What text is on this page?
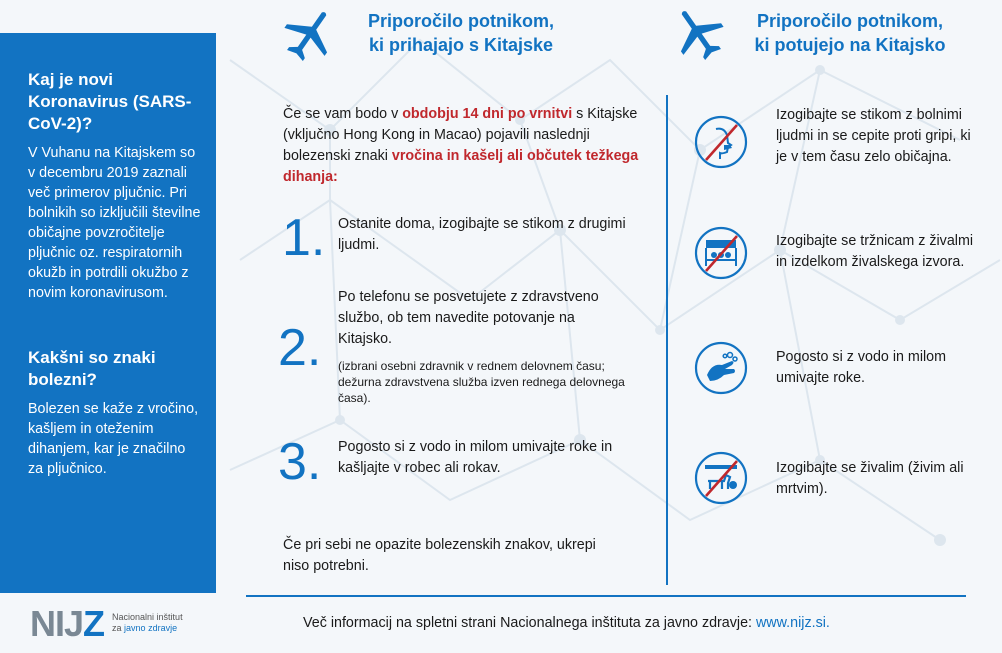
Kaj je novi Koronavirus (SARS-CoV-2)?
V Vuhanu na Kitajskem so v decembru 2019 zaznali več primerov pljučnic. Pri bolnikih so izključili številne običajne povzročitelje pljučnic oz. respiratornih okužb in potrdili okužbo z novim koronavirusom.
Kakšni so znaki bolezni?
Bolezen se kaže z vročino, kašljem in oteženim dihanjem, kar je značilno za pljučnico.
NIJZ Nacionalni inštitut
za javno zdravje
Priporočilo potnikom,
ki prihajajo s Kitajske
Priporočilo potnikom,
ki potujejo na Kitajsko
Če se vam bodo v obdobju 14 dni po vrnitvi s Kitajske (vključno Hong Kong in Macao) pojavili naslednji bolezenski znaki vročina in kašelj ali občutek težkega dihanja:
1. Ostanite doma, izogibajte se stikom z drugimi ljudmi.
2.
Po telefonu se posvetujete z zdravstveno službo, ob tem navedite potovanje na Kitajsko.
(izbrani osebni zdravnik v rednem delovnem času; dežurna zdravstvena služba izven rednega delovnega časa).
3. Pogosto si z vodo in milom umivajte roke in kašljajte v robec ali rokav.
Če pri sebi ne opazite bolezenskih znakov, ukrepi niso potrebni.
Izogibajte se stikom z bolnimi ljudmi in se cepite proti gripi, ki je v tem času zelo običajna.
Izogibajte se tržnicam z živalmi in izdelkom živalskega izvora.
Pogosto si z vodo in milom umivajte roke.
Izogibajte se živalim (živim ali mrtvim).
Več informacij na spletni strani Nacionalnega inštituta za javno zdravje: www.nijz.si.
